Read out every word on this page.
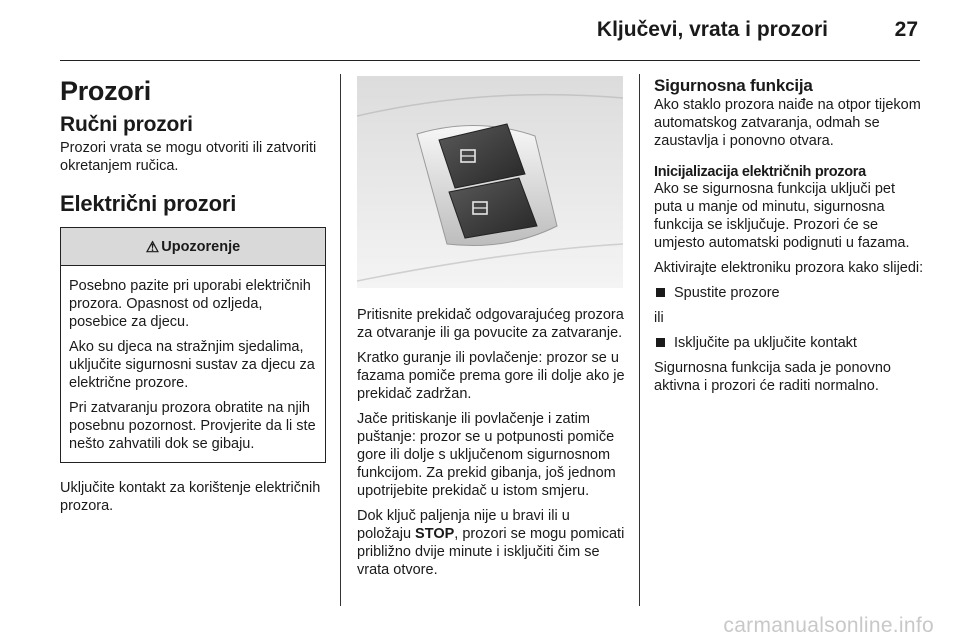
Ključevi, vrata i prozori	27
Prozori
Ručni prozori

Prozori vrata se mogu otvoriti ili zatvoriti okretanjem ručica.

Električni prozori
⚠ Upozorenje

Posebno pazite pri uporabi električnih prozora. Opasnost od ozljeda, posebice za djecu.

Ako su djeca na stražnjim sjedalima, uključite sigurnosni sustav za djecu za električne prozore.

Pri zatvaranju prozora obratite na njih posebnu pozornost. Provjerite da li ste nešto zahvatili dok se gibaju.

Uključite kontakt za korištenje električnih prozora.

Pritisnite prekidač odgovarajućeg prozora za otvaranje ili ga povucite za zatvaranje.

Kratko guranje ili povlačenje: prozor se u fazama pomiče prema gore ili dolje ako je prekidač zadržan.

Jače pritiskanje ili povlačenje i zatim puštanje: prozor se u potpunosti pomiče gore ili dolje s uključenom sigurnosnom funkcijom. Za prekid gibanja, još jednom upotrijebite prekidač u istom smjeru.

Dok ključ paljenja nije u bravi ili u položaju STOP, prozori se mogu pomicati približno dvije minute i isključiti čim se vrata otvore.

Sigurnosna funkcija

Ako staklo prozora naiđe na otpor tijekom automatskog zatvaranja, odmah se zaustavlja i ponovno otvara.

Inicijalizacija električnih prozora

Ako se sigurnosna funkcija uključi pet puta u manje od minutu, sigurnosna funkcija se isključuje. Prozori će se umjesto automatski podignuti u fazama.

Aktivirajte elektroniku prozora kako slijedi:

Spustite prozore

ili

Isključite pa uključite kontakt

Sigurnosna funkcija sada je ponovno aktivna i prozori će raditi normalno.

carmanualsonline.info
